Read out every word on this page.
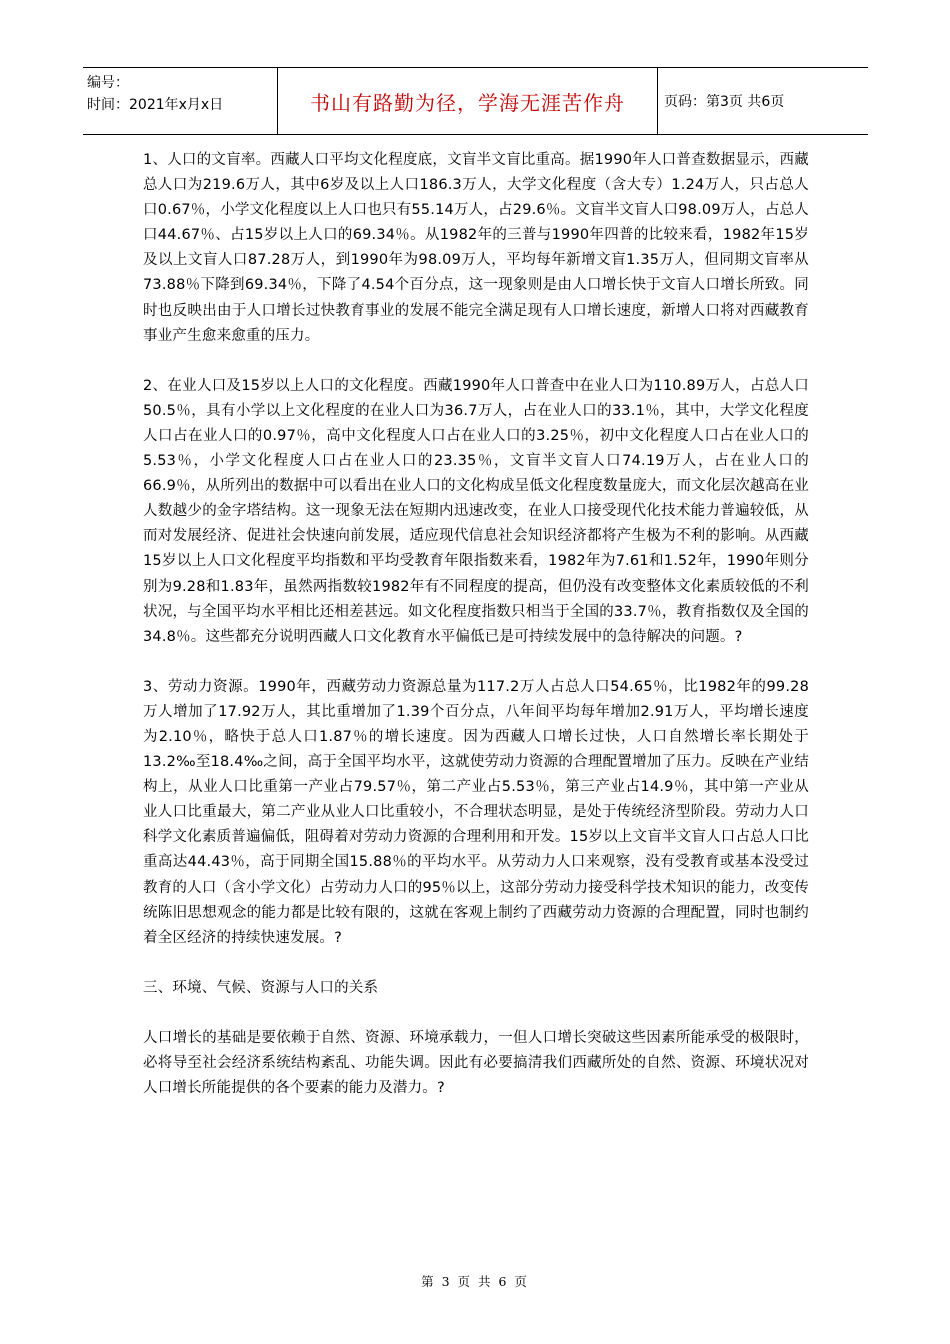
编号：
时间：2021年x月x日	书山有路勤为径，学海无涯苦作舟	页码：第3页 共6页

1、人口的文盲率。西藏人口平均文化程度底，文盲半文盲比重高。据1990年人口普查数据显示，西藏总人口为219.6万人，其中6岁及以上人口186.3万人，大学文化程度（含大专）1.24万人，只占总人口0.67％，小学文化程度以上人口也只有55.14万人，占29.6％。文盲半文盲人口98.09万人，占总人口44.67％、占15岁以上人口的69.34％。从1982年的三普与1990年四普的比较来看，1982年15岁及以上文盲人口87.28万人，到1990年为98.09万人，平均每年新增文盲1.35万人，但同期文盲率从73.88％下降到69.34％，下降了4.54个百分点，这一现象则是由人口增长快于文盲人口增长所致。同时也反映出由于人口增长过快教育事业的发展不能完全满足现有人口增长速度，新增人口将对西藏教育事业产生愈来愈重的压力。

2、在业人口及15岁以上人口的文化程度。西藏1990年人口普查中在业人口为110.89万人，占总人口50.5％，具有小学以上文化程度的在业人口为36.7万人，占在业人口的33.1％，其中，大学文化程度人口占在业人口的0.97％，高中文化程度人口占在业人口的3.25％，初中文化程度人口占在业人口的5.53％，小学文化程度人口占在业人口的23.35％，文盲半文盲人口74.19万人，占在业人口的66.9％，从所列出的数据中可以看出在业人口的文化构成呈低文化程度数量庞大，而文化层次越高在业人数越少的金字塔结构。这一现象无法在短期内迅速改变，在业人口接受现代化技术能力普遍较低，从而对发展经济、促进社会快速向前发展，适应现代信息社会知识经济都将产生极为不利的影响。从西藏15岁以上人口文化程度平均指数和平均受教育年限指数来看，1982年为7.61和1.52年，1990年则分别为9.28和1.83年，虽然两指数较1982年有不同程度的提高，但仍没有改变整体文化素质较低的不利状况，与全国平均水平相比还相差甚远。如文化程度指数只相当于全国的33.7％，教育指数仅及全国的34.8％。这些都充分说明西藏人口文化教育水平偏低已是可持续发展中的急待解决的问题。?

3、劳动力资源。1990年，西藏劳动力资源总量为117.2万人占总人口54.65％，比1982年的99.28万人增加了17.92万人，其比重增加了1.39个百分点，八年间平均每年增加2.91万人，平均增长速度为2.10％，略快于总人口1.87％的增长速度。因为西藏人口增长过快，人口自然增长率长期处于13.2‰至18.4‰之间，高于全国平均水平，这就使劳动力资源的合理配置增加了压力。反映在产业结构上，从业人口比重第一产业占79.57％，第二产业占5.53％，第三产业占14.9％，其中第一产业从业人口比重最大，第二产业从业人口比重较小，不合理状态明显，是处于传统经济型阶段。劳动力人口科学文化素质普遍偏低，阻碍着对劳动力资源的合理利用和开发。15岁以上文盲半文盲人口占总人口比重高达44.43％，高于同期全国15.88％的平均水平。从劳动力人口来观察，没有受教育或基本没受过教育的人口（含小学文化）占劳动力人口的95％以上，这部分劳动力接受科学技术知识的能力，改变传统陈旧思想观念的能力都是比较有限的，这就在客观上制约了西藏劳动力资源的合理配置，同时也制约着全区经济的持续快速发展。?

三、环境、气候、资源与人口的关系

人口增长的基础是要依赖于自然、资源、环境承载力，一但人口增长突破这些因素所能承受的极限时，必将导至社会经济系统结构紊乱、功能失调。因此有必要搞清我们西藏所处的自然、资源、环境状况对人口增长所能提供的各个要素的能力及潜力。?

第 3 页 共 6 页
